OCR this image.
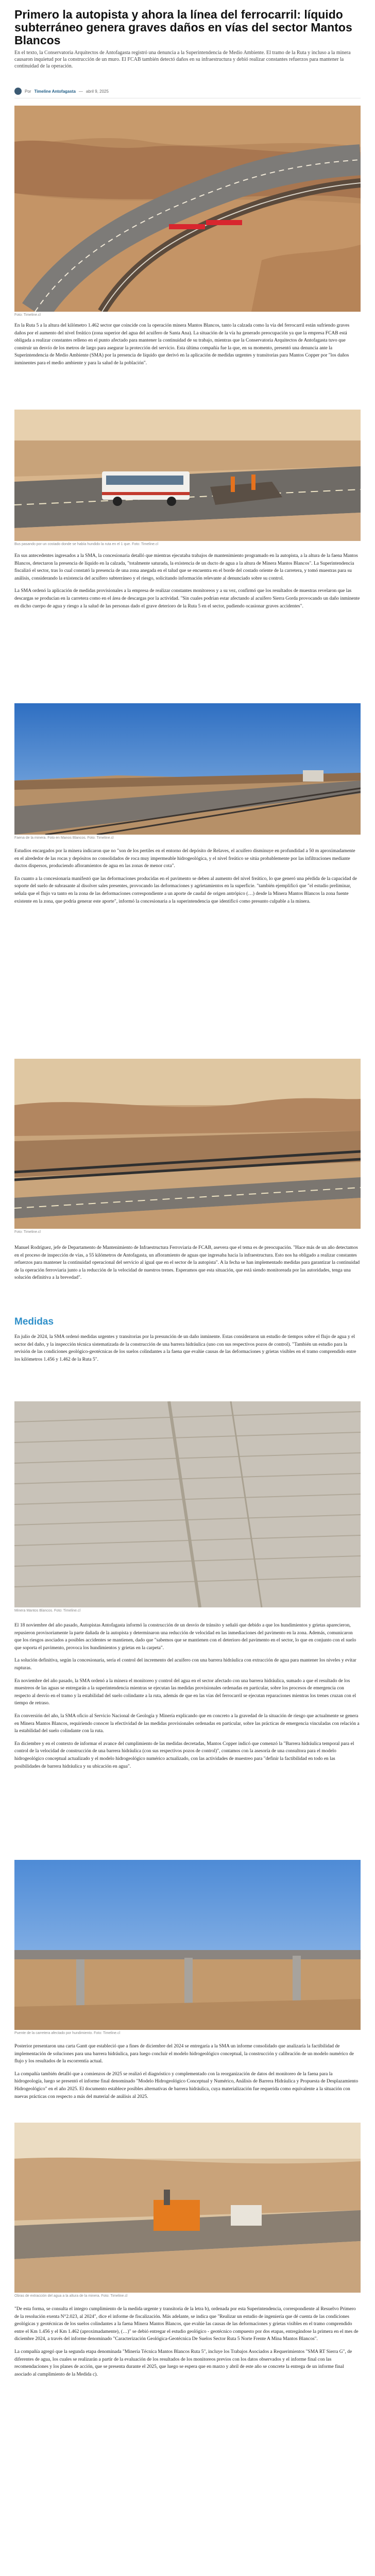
Primero la autopista y ahora la línea del ferrocarril: líquido subterráneo genera graves daños en vías del sector Mantos Blancos

En el texto, la Conservatoria Arquitectos de Antofagasta registró una denuncia a la Superintendencia de Medio Ambiente. El tramo de la Ruta y incluso a la minera causaron inquietud por la construcción de un muro. El FCAB también detectó daños en su infraestructura y debió realizar constantes refuerzos para mantener la continuidad de la operación.

Por Timeline Antofagasta — abril 9, 2025
Foto: Timeline.cl

En la Ruta 5 a la altura del kilómetro 1.462 sector que coincide con la operación minera Mantos Blancos, tanto la calzada como la vía del ferrocarril están sufriendo graves daños por el aumento del nivel freático (zona superior del agua del acuífero de Santa Ana). La situación de la vía ha generado preocupación ya que la empresa FCAB está obligada a realizar constantes relleno en el punto afectado para mantener la continuidad de su trabajo, mientras que la Conservatoria Arquitectos de Antofagasta tuvo que construir un desvío de los metros de largo para asegurar la protección del servicio. Esta última compañía fue la que, en su momento, presentó una denuncia ante la Superintendencia de Medio Ambiente (SMA) por la presencia de líquido que derivó en la aplicación de medidas urgentes y transitorias para Mantos Copper por "los daños inminentes para el medio ambiente y para la salud de la población".

Bus pasando por un costado donde se había hundido la ruta en el 1 que. Foto: Timeline.cl

En sus antecedentes ingresados a la SMA, la concesionaria detalló que mientras ejecutaba trabajos de mantenimiento programado en la autopista, a la altura de la faena Mantos Blancos, detectaron la presencia de líquido en la calzada, "totalmente saturada, la existencia de un ducto de agua a la altura de Minera Mantos Blancos". La Superintendencia fiscalizó el sector, tras lo cual constató la presencia de una zona anegada en el talud que se encuentra en el borde del costado oriente de la carretera, y tomó muestras para su análisis, considerando la existencia del acuífero subterráneo y el riesgo, solicitando información relevante al denunciado sobre su control.

La SMA ordenó la aplicación de medidas provisionales a la empresa de realizar constantes monitoreos y a su vez, confirmó que los resultados de muestras revelaron que las descargas se producían en la carretera como en el área de descargas por la actividad. "Sin cuales podrían estar afectando al acuífero Sierra Gorda provocando un daño inminente en dicho cuerpo de agua y riesgo a la salud de las personas dado el grave deterioro de la Ruta 5 en el sector, pudiendo ocasionar graves accidentes".

Faena de la minera. Foto en Manos Blancos. Foto: Timeline.cl

Estudios encargados por la minera indicaron que no "son de los pertiles en el entorno del depósito de Relaves, el acuífero disminuye en profundidad a 50 m aproximadamente en el alrededor de las rocas y depósitos no consolidados de roca muy impermeable hidrogeológica, y el nivel freático se sitúa probablemente por las infiltraciones mediante ductos dispersos, produciendo afloramientos de agua en las zonas de menor cota".

En cuanto a la concesionaria manifestó que las deformaciones producidas en el pavimento se deben al aumento del nivel freático, lo que generó una pérdida de la capacidad de soporte del suelo de subrasante al disolver sales presentes, provocando las deformaciones y agrietamientos en la superficie. "también ejemplificó que "el estudio preliminar, señala que el flujo va tanto en la zona de las deformaciones correspondiente a un aporte de caudal de origen antrópico (…) desde la Minera Mantos Blancos la zona fuente existente en la zona, que podría generar este aporte", informó la concesionaria a la superintendencia que identificó como presunto culpable a la minera.

Foto: Timeline.cl

Manuel Rodríguez, jefe de Departamento de Mantenimiento de Infraestructura Ferroviaria de FCAB, asevera que el tema es de preocupación. "Hace más de un año detectamos en el proceso de inspección de vías, a 55 kilómetros de Antofagasta, un afloramiento de aguas que ingresaba hacia la infraestructura. Esto nos ha obligado a realizar constantes refuerzos para mantener la continuidad operacional del servicio al igual que en el sector de la autopista". A la fecha se han implementado medidas para garantizar la continuidad de la operación ferroviaria junto a la reducción de la velocidad de nuestros trenes. Esperamos que esta situación, que está siendo monitoreada por las autoridades, tenga una solución definitiva a la brevedad".

Medidas

En julio de 2024, la SMA ordenó medidas urgentes y transitorias por la presunción de un daño inminente. Estas consideraron un estudio de tiempos sobre el flujo de agua y el sector del daño, y la inspección técnica sistematizada de la construcción de una barrera hidráulica (uno con sus respectivos pozos de control). "También un estudio para la revisión de las condiciones geológico-geotécnicas de los suelos colindantes a la faena que evalúe causas de las deformaciones y grietas visibles en el tramo comprendido entre los kilómetros 1.456 y 1.462 de la Ruta 5".

Minera Mantos Blancos. Foto: Timeline.cl

El 18 noviembre del año pasado, Autopistas Antofagasta informó la construcción de un desvío de tránsito y señaló que debido a que los hundimientos y grietas aparecieron, repusieron provisoriamente la parte dañada de la autopista y determinaron una reducción de velocidad en las inmediaciones del pavimento en la zona. Además, comunicaron que los riesgos asociados a posibles accidentes se mantienen, dado que "sabemos que se mantienen con el deterioro del pavimento en el sector, lo que en conjunto con el suelo que soporta el pavimento, provoca los hundimientos y grietas en la carpeta".

La solución definitiva, según la concesionaria, sería el control del incremento del acuífero con una barrera hidráulica con extracción de agua para mantener los niveles y evitar rupturas.

En noviembre del año pasado, la SMA ordenó a la minera el monitoreo y control del agua en el sector afectado con una barrera hidráulica, sumado a que el resultado de los muestreos de las aguas se entregarán a la superintendencia mientras se ejecutan las medidas provisionales ordenadas en particular, sobre los procesos de emergencia con respecto al desvío en el tramo y la estabilidad del suelo colindante a la ruta, además de que en las vías del ferrocarril se ejecutan reparaciones mientras los trenes cruzan con el tiempo de retraso.

En conversión del año, la SMA oficio al Servicio Nacional de Geología y Minería explicando que en concreto a la gravedad de la situación de riesgo que actualmente se genera en Minera Mantos Blancos, requiriendo conocer la efectividad de las medidas provisionales ordenadas en particular, sobre las prácticas de emergencia vinculadas con relación a la estabilidad del suelo colindante con la ruta.

En diciembre y en el contexto de informar el avance del cumplimiento de las medidas decretadas, Mantos Copper indicó que comenzó la "Barrera hidráulica temporal para el control de la velocidad de construcción de una barrera hidráulica (con sus respectivos pozos de control)", contamos con la asesoría de una consultora para el modelo hidrogeológico conceptual actualizado y el modelo hidrogeológico numérico actualizado, con las actividades de muestreo para "definir la factibilidad en todo en las posibilidades de barrera hidráulica y su ubicación en agua".

Puente de la carretera afectado por hundimiento. Foto: Timeline.cl

Posterior presentaron una carta Gantt que estableció que a fines de diciembre del 2024 se entregaría a la SMA un informe consolidado que analizaría la factibilidad de implementación de soluciones para una barrera hidráulica, para luego concluir el modelo hidrogeológico conceptual, la construcción y calibración de un modelo numérico de flujo y los resultados de la escorrentía actual.

La compañía también detalló que a comienzos de 2025 se realizó el diagnóstico y complementado con la reorganización de datos del monitoreo de la faena para la hidrogeología, luego se presentó el informe final denominado "Modelo Hidrogeológico Conceptual y Numérico, Análisis de Barrera Hidráulica y Propuesta de Desplazamiento Hidrogeológico" en el año 2025. El documento establece posibles alternativas de barrera hidráulica, cuya materialización fue requerida como equivalente a la situación con nuevas prácticas con respecto a más del material de análisis al 2025.

Obras de extracción del agua a la altura de la minera. Foto: Timeline.cl

"De esta forma, se consulta el integro cumplimiento de la medida urgente y transitoria de la letra b), ordenada por esta Superintendencia, correspondiente al Resuelvo Primero de la resolución exenta N°2.023, al 2024", dice el informe de fiscalización. Más adelante, se indica que "Realizar un estudio de ingeniería que dé cuenta de las condiciones geológicas y geotécnicas de los suelos colindantes a la faena Minera Mantos Blancos, que evalúe las causas de las deformaciones y grietas visibles en el tramo comprendido entre el Km 1.456 y el Km 1.462 (aproximadamente), (…)" se debió entregar el estudio geológico - geotécnico compuesto por dos etapas, entregándose la primera en el mes de diciembre 2024, a través del informe denominado "Caracterización Geológica-Geotécnica De Suelos Sector Ruta 5 Norte Frente A Mina Mantos Blancos".

La compañía agregó que la segunda etapa denominada "Minería Técnica Mantos Blancos Ruta 5", incluye los Trabajos Asociados a Requerimientos "SMA RT Sierra G", de diferentes de agua, los cuales se realizarán a partir de la evaluación de los resultados de los monitoreos previos con los datos observados y el informe final con las recomendaciones y los planes de acción, que se presenta durante el 2025, que luego se espera que en marzo y abril de este año se concrete la entrega de un informe final asociado al cumplimiento de la Medida c).
